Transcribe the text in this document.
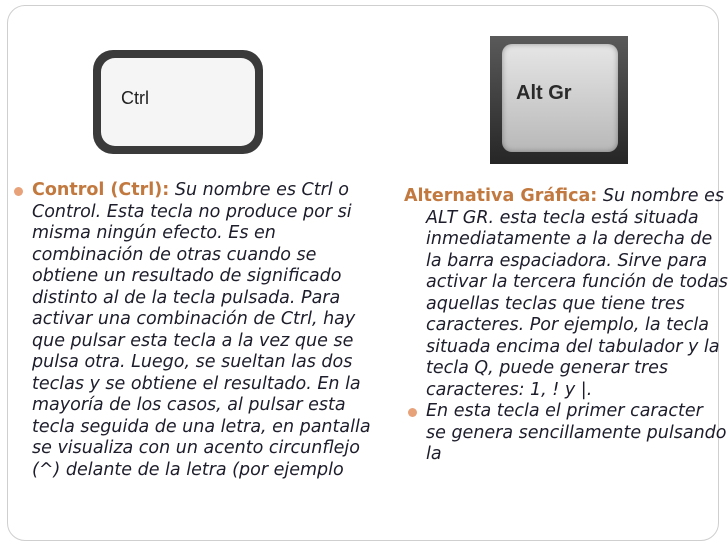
Ctrl	Alt Gr
Control (Ctrl): Su nombre es Ctrl o Control. Esta tecla no produce por si misma ningún efecto. Es en combinación de otras cuando se obtiene un resultado de significado distinto al de la tecla pulsada. Para activar una combinación de Ctrl, hay que pulsar esta tecla a la vez que se pulsa otra. Luego, se sueltan las dos teclas y se obtiene el resultado. En la mayoría de los casos, al pulsar esta tecla seguida de una letra, en pantalla se visualiza con un acento circunflejo (^) delante de la letra (por ejemplo
Alternativa Gráfica: Su nombre es ALT GR. esta tecla está situada inmediatamente a la derecha de la barra espaciadora. Sirve para activar la tercera función de todas aquellas teclas que tiene tres caracteres. Por ejemplo, la tecla situada encima del tabulador y la tecla Q, puede generar tres caracteres: 1, ! y |.
En esta tecla el primer caracter se genera sencillamente pulsando la
